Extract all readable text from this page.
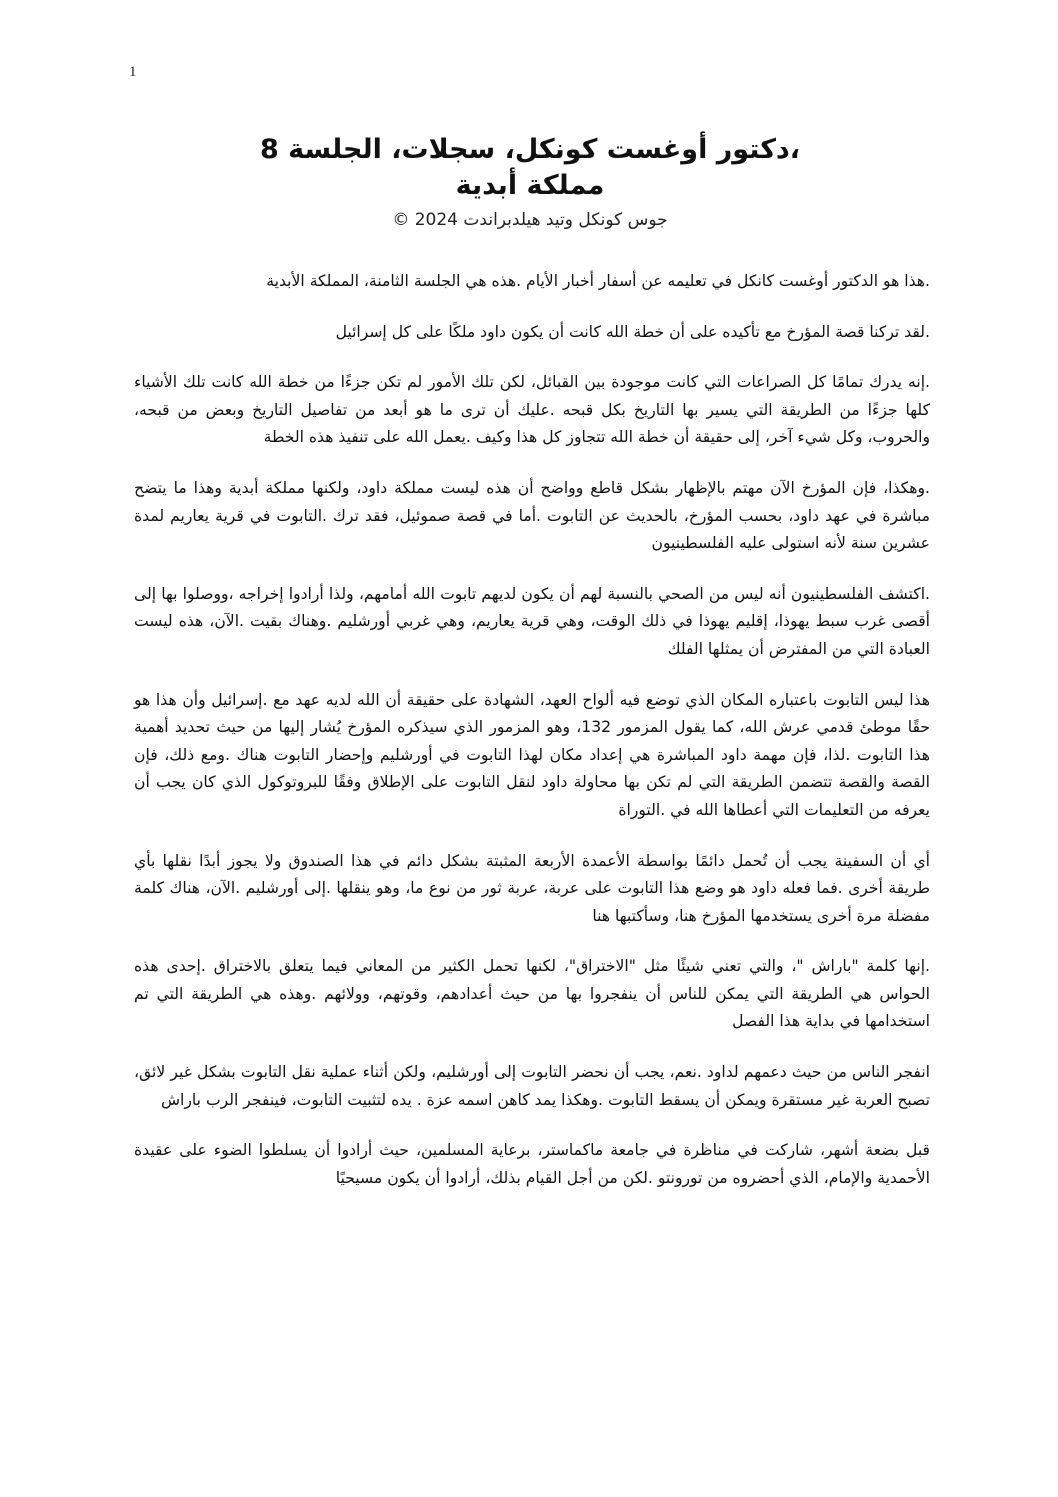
1
،دكتور أوغست كونكل، سجلات، الجلسة 8
مملكة أبدية
جوس كونكل وتيد هيلدبراندت 2024 ©

.هذا هو الدكتور أوغست كانكل في تعليمه عن أسفار أخبار الأيام .هذه هي الجلسة الثامنة، المملكة الأبدية

.لقد تركنا قصة المؤرخ مع تأكيده على أن خطة الله كانت أن يكون داود ملكًا على كل إسرائيل

.إنه يدرك تمامًا كل الصراعات التي كانت موجودة بين القبائل، لكن تلك الأمور لم تكن جزءًا من خطة الله كانت تلك الأشياء كلها جزءًا من الطريقة التي يسير بها التاريخ بكل قبحه .عليك أن ترى ما هو أبعد من تفاصيل التاريخ وبعض من قبحه، والحروب، وكل شيء آخر، إلى حقيقة أن خطة الله تتجاوز كل هذا وكيف .يعمل الله على تنفيذ هذه الخطة

.وهكذا، فإن المؤرخ الآن مهتم بالإظهار بشكل قاطع وواضح أن هذه ليست مملكة داود، ولكنها مملكة أبدية وهذا ما يتضح مباشرة في عهد داود، بحسب المؤرخ، بالحديث عن التابوت .أما في قصة صموئيل، فقد ترك .التابوت في قرية يعاريم لمدة عشرين سنة لأنه استولى عليه الفلسطينيون

.اكتشف الفلسطينيون أنه ليس من الصحي بالنسبة لهم أن يكون لديهم تابوت الله أمامهم، ولذا أرادوا إخراجه ،ووصلوا بها إلى أقصى غرب سبط يهوذا، إقليم يهوذا في ذلك الوقت، وهي قرية يعاريم، وهي غربي أورشليم .وهناك بقيت .الآن، هذه ليست العبادة التي من المفترض أن يمثلها الفلك

هذا ليس التابوت باعتباره المكان الذي توضع فيه ألواح العهد، الشهادة على حقيقة أن الله لديه عهد مع .إسرائيل وأن هذا هو حقًا موطئ قدمي عرش الله، كما يقول المزمور 132، وهو المزمور الذي سيذكره المؤرخ يُشار إليها من حيث تحديد أهمية هذا التابوت .لذا، فإن مهمة داود المباشرة هي إعداد مكان لهذا التابوت في أورشليم وإحضار التابوت هناك .ومع ذلك، فإن القصة والقصة تتضمن الطريقة التي لم تكن بها محاولة داود لنقل التابوت على الإطلاق وفقًا للبروتوكول الذي كان يجب أن يعرفه من التعليمات التي أعطاها الله في .التوراة

أي أن السفينة يجب أن تُحمل دائمًا بواسطة الأعمدة الأربعة المثبتة بشكل دائم في هذا الصندوق ولا يجوز أبدًا نقلها بأي طريقة أخرى .فما فعله داود هو وضع هذا التابوت على عربة، عربة ثور من نوع ما، وهو ينقلها .إلى أورشليم .الآن، هناك كلمة مفضلة مرة أخرى يستخدمها المؤرخ هنا، وسأكتبها هنا

.إنها كلمة "باراش "، والتي تعني شيئًا مثل "الاختراق"، لكنها تحمل الكثير من المعاني فيما يتعلق بالاختراق .إحدى هذه الحواس هي الطريقة التي يمكن للناس أن ينفجروا بها من حيث أعدادهم، وقوتهم، وولائهم .وهذه هي الطريقة التي تم استخدامها في بداية هذا الفصل

انفجر الناس من حيث دعمهم لداود .نعم، يجب أن نحضر التابوت إلى أورشليم، ولكن أثناء عملية نقل التابوت بشكل غير لائق، تصبح العربة غير مستقرة ويمكن أن يسقط التابوت .وهكذا يمد كاهن اسمه عزة . يده لتثبيت التابوت، فينفجر الرب باراش

قبل بضعة أشهر، شاركت في مناظرة في جامعة ماكماستر، برعاية المسلمين، حيث أرادوا أن يسلطوا الضوء على عقيدة الأحمدية والإمام، الذي أحضروه من تورونتو .لكن من أجل القيام بذلك، أرادوا أن يكون مسيحيًا
